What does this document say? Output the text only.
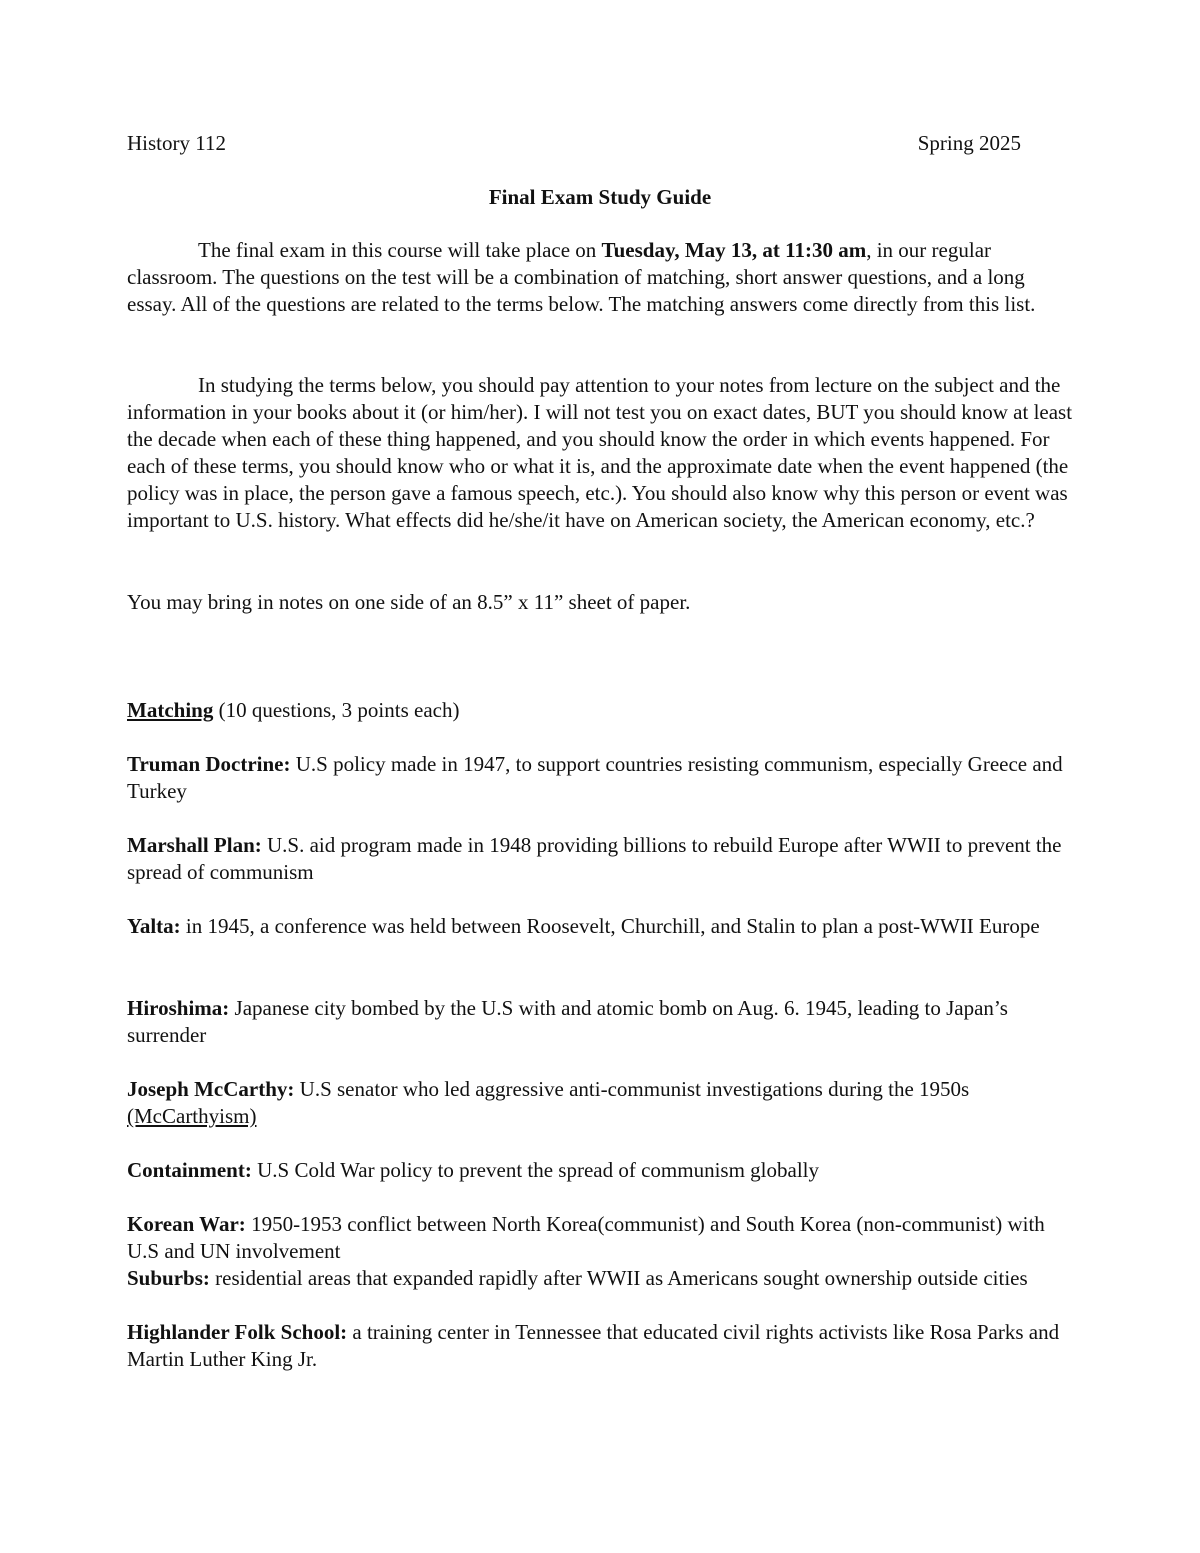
History 112	Spring 2025
Final Exam Study Guide

The final exam in this course will take place on Tuesday, May 13, at 11:30 am, in our regular classroom. The questions on the test will be a combination of matching, short answer questions, and a long essay. All of the questions are related to the terms below. The matching answers come directly from this list.

In studying the terms below, you should pay attention to your notes from lecture on the subject and the information in your books about it (or him/her). I will not test you on exact dates, BUT you should know at least the decade when each of these thing happened, and you should know the order in which events happened. For each of these terms, you should know who or what it is, and the approximate date when the event happened (the policy was in place, the person gave a famous speech, etc.). You should also know why this person or event was important to U.S. history. What effects did he/she/it have on American society, the American economy, etc.?

You may bring in notes on one side of an 8.5” x 11” sheet of paper.

Matching (10 questions, 3 points each)

Truman Doctrine: U.S policy made in 1947, to support countries resisting communism, especially Greece and Turkey

Marshall Plan: U.S. aid program made in 1948 providing billions to rebuild Europe after WWII to prevent the spread of communism

Yalta: in 1945, a conference was held between Roosevelt, Churchill, and Stalin to plan a post-WWII Europe

Hiroshima: Japanese city bombed by the U.S with and atomic bomb on Aug. 6. 1945, leading to Japan’s surrender

Joseph McCarthy: U.S senator who led aggressive anti-communist investigations during the 1950s (McCarthyism)

Containment: U.S Cold War policy to prevent the spread of communism globally

Korean War: 1950-1953 conflict between North Korea(communist) and South Korea (non-communist) with U.S and UN involvement

Suburbs: residential areas that expanded rapidly after WWII as Americans sought ownership outside cities

Highlander Folk School: a training center in Tennessee that educated civil rights activists like Rosa Parks and Martin Luther King Jr.
